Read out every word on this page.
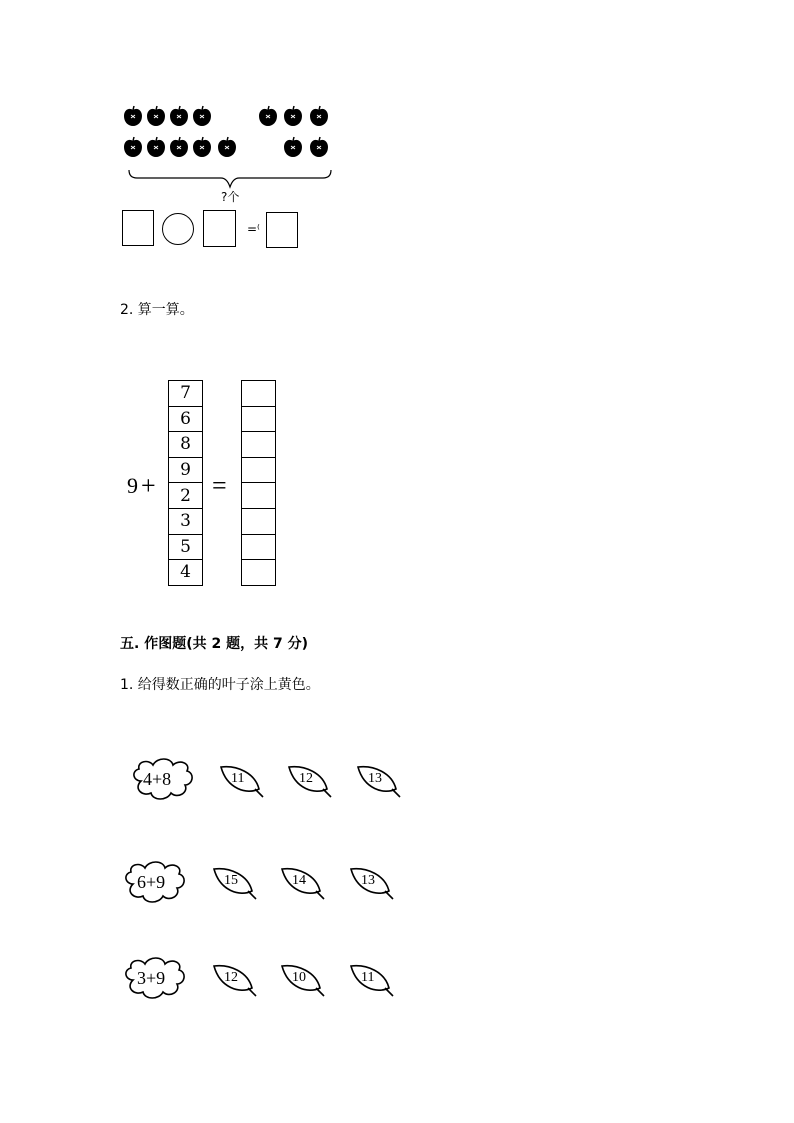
?个
=⁽
2. 算一算。
9 +
7
6
8
9
2
3
5
4
=

五. 作图题(共 2 题，共 7 分)
1. 给得数正确的叶子涂上黄色。
4+8	11	12	13
6+9	15	14	13
3+9	12	10	11
